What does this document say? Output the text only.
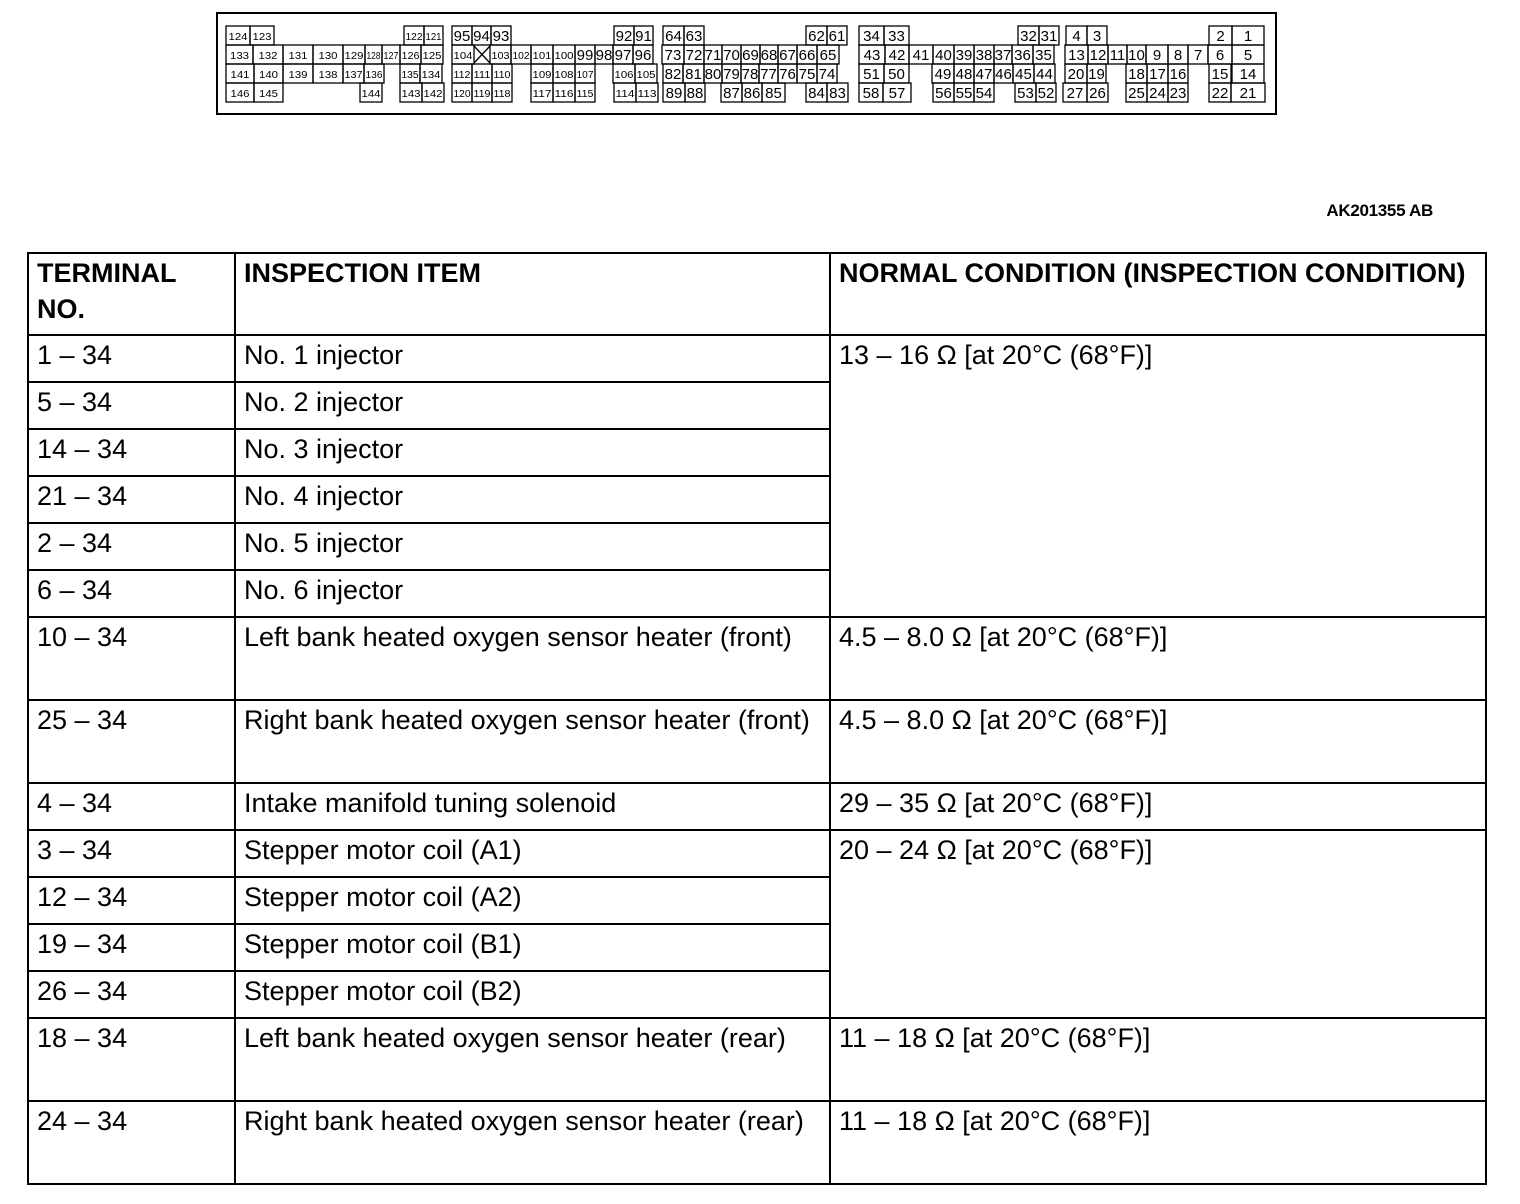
124 123	122 121 95 94 93	92 91 64 63	62 61 34 33	32 31 4 3	2 1
133 132 131 130 129 128 127 126 125 104 103 102 101 100 99 98 97 96 73 72 71 70 69 68 67 66 65 43 42 41 40 39 38 37 36 35 13 12 11 10 9 8 7 6 5
141 140 139 138 137 136 135 134 112 111 110 109 108 107 106 105 82 81 80 79 78 77 76 75 74 51 50 49 48 47 46 45 44 20 19 18 17 16 15 14
146 145	144 143 142 120 119 118 117 116 115 114 113 89 88 87 86 85 84 83 58 57 56 55 54 53 52 27 26 25 24 23 22 21
AK201355 AB
TERMINAL NO.	INSPECTION ITEM	NORMAL CONDITION (INSPECTION CONDITION)
1 – 34	No. 1 injector	13 – 16 Ω [at 20°C (68°F)]
5 – 34	No. 2 injector	
14 – 34	No. 3 injector	
21 – 34	No. 4 injector	
2 – 34	No. 5 injector	
6 – 34	No. 6 injector	
10 – 34	Left bank heated oxygen sensor heater (front)	4.5 – 8.0 Ω [at 20°C (68°F)]
25 – 34	Right bank heated oxygen sensor heater (front)	4.5 – 8.0 Ω [at 20°C (68°F)]
4 – 34	Intake manifold tuning solenoid	29 – 35 Ω [at 20°C (68°F)]
3 – 34	Stepper motor coil (A1)	20 – 24 Ω [at 20°C (68°F)]
12 – 34	Stepper motor coil (A2)	
19 – 34	Stepper motor coil (B1)	
26 – 34	Stepper motor coil (B2)	
18 – 34	Left bank heated oxygen sensor heater (rear)	11 – 18 Ω [at 20°C (68°F)]
24 – 34	Right bank heated oxygen sensor heater (rear)	11 – 18 Ω [at 20°C (68°F)]
